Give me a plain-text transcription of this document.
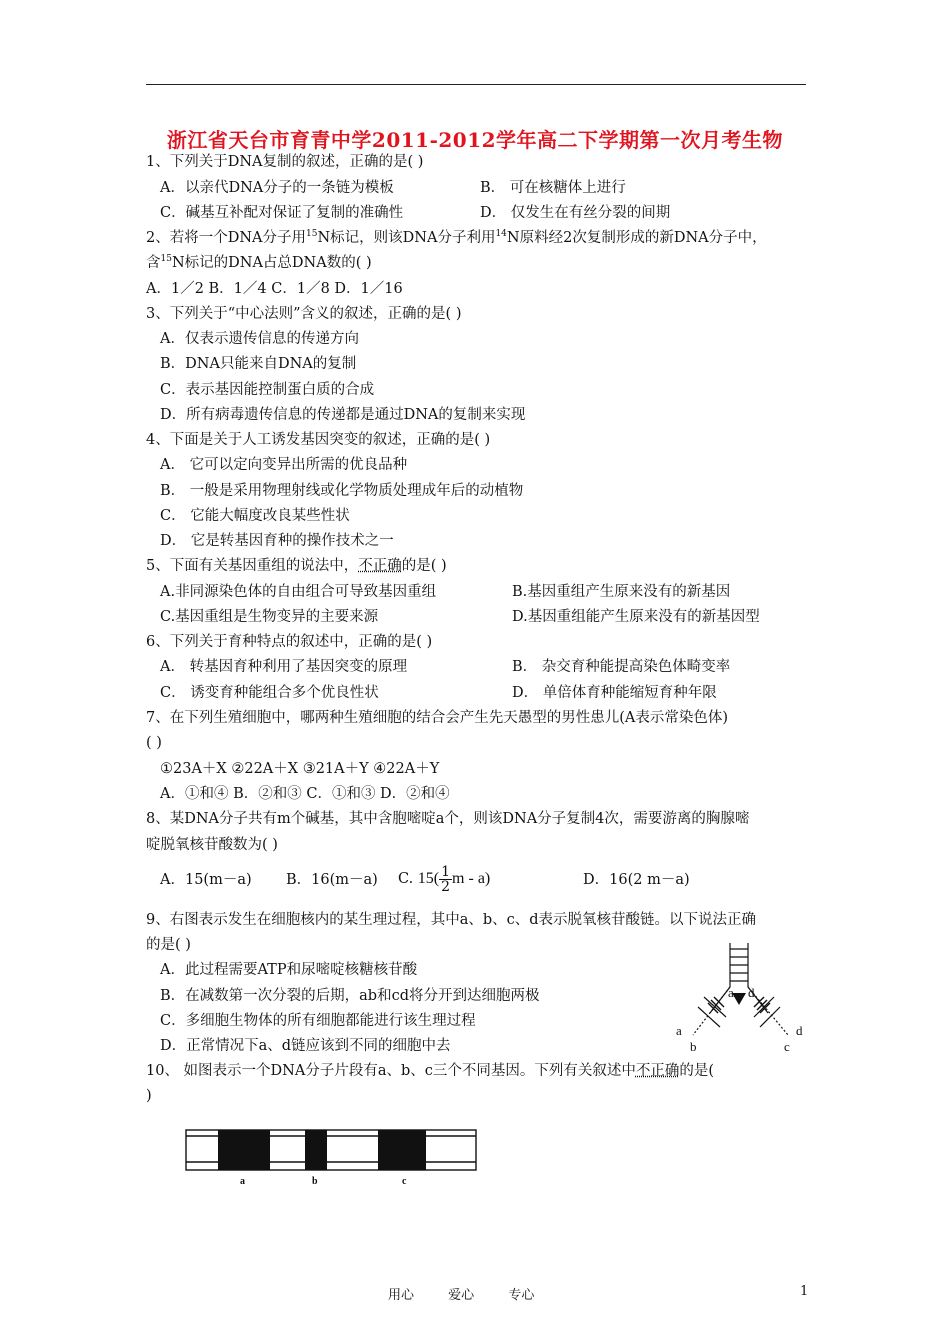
浙江省天台市育青中学2011-2012学年高二下学期第一次月考生物
1、下列关于DNA复制的叙述，正确的是( )
A．以亲代DNA分子的一条链为模板	B． 可在核糖体上进行
C．碱基互补配对保证了复制的准确性	D． 仅发生在有丝分裂的间期
2、若将一个DNA分子用$^{15}$N标记，则该DNA分子利用$^{14}$N原料经2次复制形成的新DNA分子中，
含$^{15}$N标记的DNA占总DNA数的( )
A．1／2 B．1／4 C．1／8 D．1／16
3、下列关于“中心法则”含义的叙述，正确的是( )
A．仅表示遗传信息的传递方向
B．DNA只能来自DNA的复制
C．表示基因能控制蛋白质的合成
D．所有病毒遗传信息的传递都是通过DNA的复制来实现
4、下面是关于人工诱发基因突变的叙述，正确的是( )
A． 它可以定向变异出所需的优良品种
B． 一般是采用物理射线或化学物质处理成年后的动植物
C． 它能大幅度改良某些性状
D． 它是转基因育种的操作技术之一
5、下面有关基因重组的说法中，不正确的是( )
A.非同源染色体的自由组合可导致基因重组	B.基因重组产生原来没有的新基因
C.基因重组是生物变异的主要来源	D.基因重组能产生原来没有的新基因型
6、下列关于育种特点的叙述中，正确的是( )
A． 转基因育种利用了基因突变的原理	B． 杂交育种能提高染色体畸变率
C． 诱变育种能组合多个优良性状	D． 单倍体育种能缩短育种年限
7、在下列生殖细胞中，哪两种生殖细胞的结合会产生先天愚型的男性患儿(A表示常染色体)
( )
①23A＋X ②22A＋X ③21A＋Y ④22A＋Y
A．①和④ B．②和③ C．①和③ D．②和④
8、某DNA分子共有m个碱基，其中含胞嘧啶a个，则该DNA分子复制4次，需要游离的胸腺嘧
啶脱氧核苷酸数为( )
A．15(m－a) B．16(m－a) C. $15( \frac{1}{2}$ m - a)	D．16(2 m－a)
9、右图表示发生在细胞核内的某生理过程，其中a、b、c、d表示脱氧核苷酸链。以下说法正确
的是( )
A．此过程需要ATP和尿嘧啶核糖核苷酸
B．在减数第一次分裂的后期，ab和cd将分开到达细胞两极
C．多细胞生物体的所有细胞都能进行该生理过程
D．正常情况下a、d链应该到不同的细胞中去
a d
a
b
d
c
10、 如图表示一个DNA分子片段有a、b、c三个不同基因。下列有关叙述中不正确的是(
)
a	b	c
用心	爱心	专心	1
